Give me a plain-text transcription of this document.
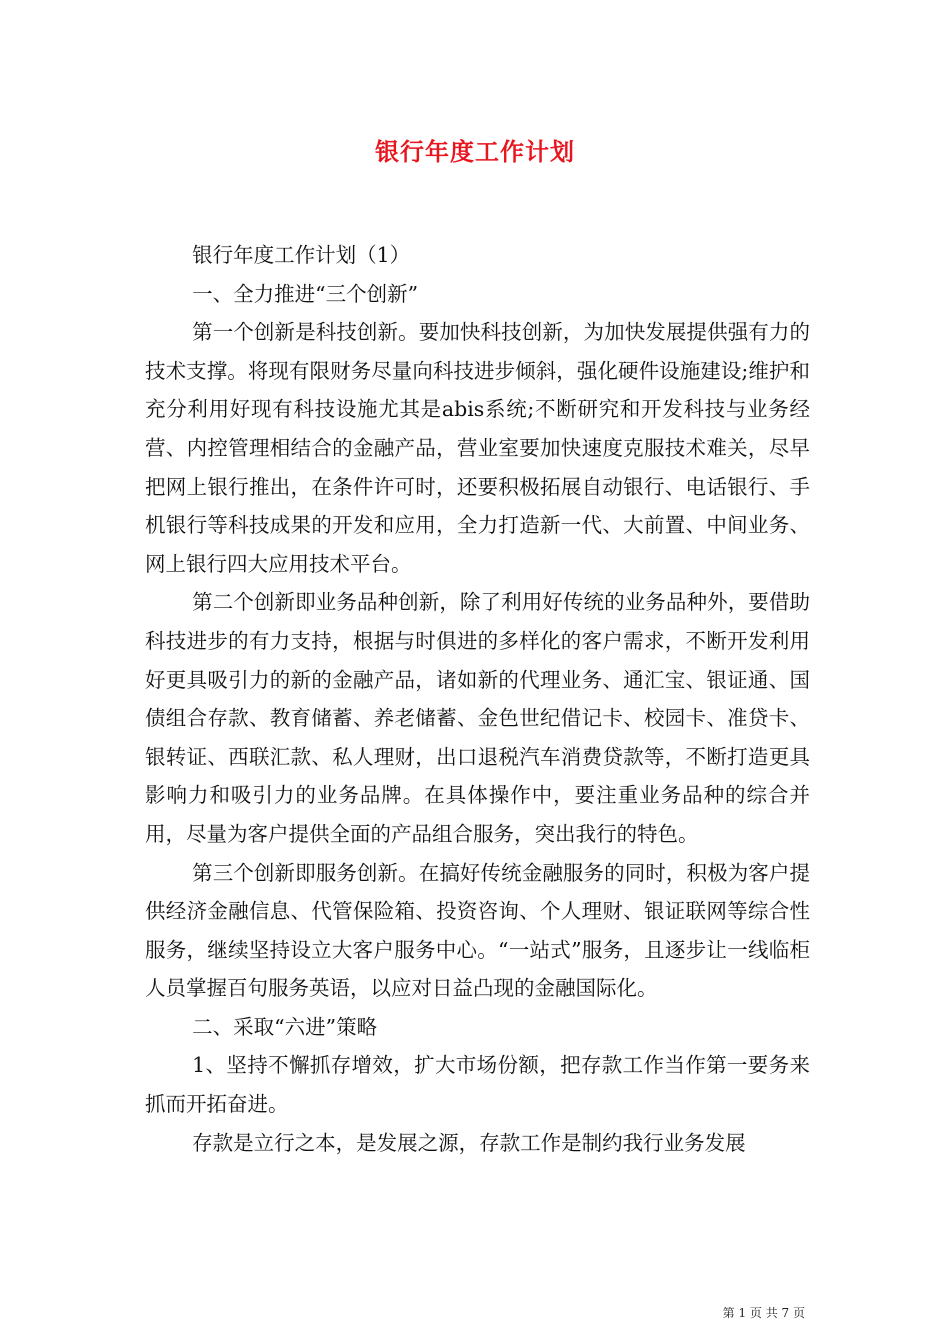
银行年度工作计划

银行年度工作计划（1）

一、全力推进“三个创新”

第一个创新是科技创新。要加快科技创新，为加快发展提供强有力的技术支撑。将现有限财务尽量向科技进步倾斜，强化硬件设施建设;维护和充分利用好现有科技设施尤其是abis系统;不断研究和开发科技与业务经营、内控管理相结合的金融产品，营业室要加快速度克服技术难关，尽早把网上银行推出，在条件许可时，还要积极拓展自动银行、电话银行、手机银行等科技成果的开发和应用，全力打造新一代、大前置、中间业务、网上银行四大应用技术平台。

第二个创新即业务品种创新，除了利用好传统的业务品种外，要借助科技进步的有力支持，根据与时俱进的多样化的客户需求，不断开发利用好更具吸引力的新的金融产品，诸如新的代理业务、通汇宝、银证通、国债组合存款、教育储蓄、养老储蓄、金色世纪借记卡、校园卡、准贷卡、银转证、西联汇款、私人理财，出口退税汽车消费贷款等，不断打造更具影响力和吸引力的业务品牌。在具体操作中，要注重业务品种的综合并用，尽量为客户提供全面的产品组合服务，突出我行的特色。

第三个创新即服务创新。在搞好传统金融服务的同时，积极为客户提供经济金融信息、代管保险箱、投资咨询、个人理财、银证联网等综合性服务，继续坚持设立大客户服务中心。“一站式”服务，且逐步让一线临柜人员掌握百句服务英语，以应对日益凸现的金融国际化。

二、采取“六进”策略

1、坚持不懈抓存增效，扩大市场份额，把存款工作当作第一要务来抓而开拓奋进。

存款是立行之本，是发展之源，存款工作是制约我行业务发展

第 1 页 共 7 页
